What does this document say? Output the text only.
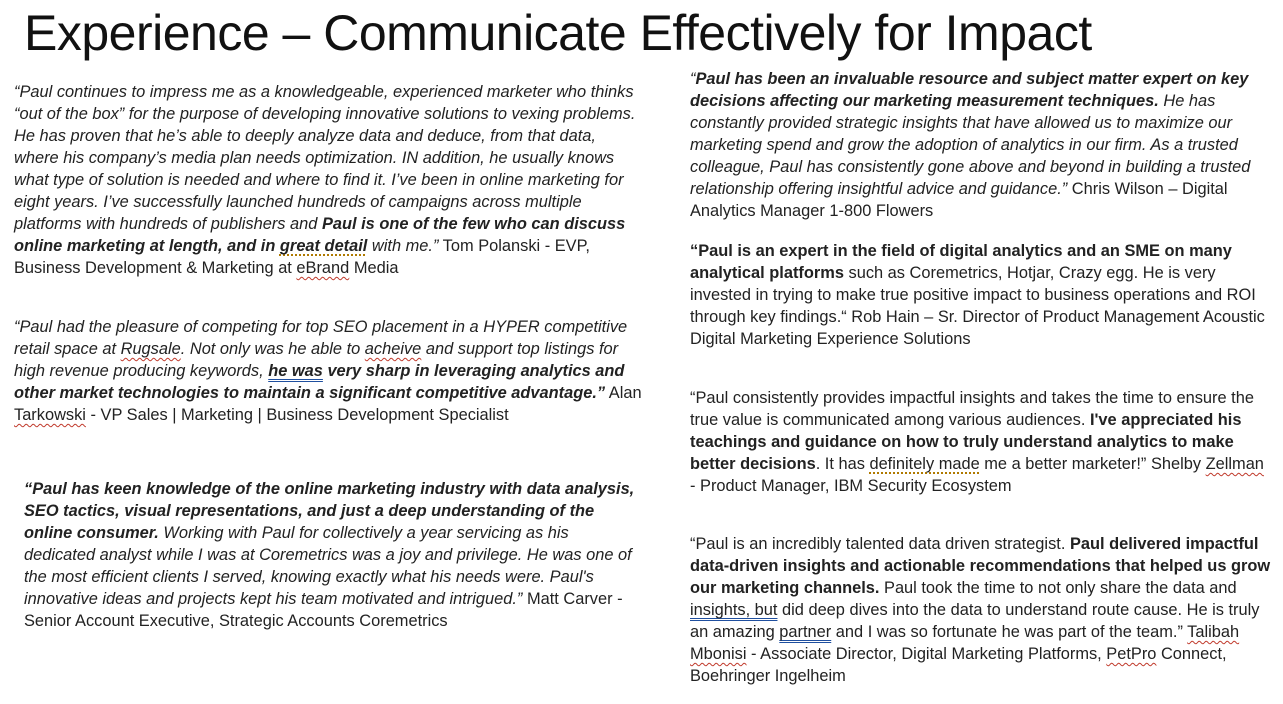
Experience – Communicate Effectively for Impact

“Paul continues to impress me as a knowledgeable, experienced marketer who thinks “out of the box” for the purpose of developing innovative solutions to vexing problems. He has proven that he’s able to deeply analyze data and deduce, from that data, where his company’s media plan needs optimization. IN addition, he usually knows what type of solution is needed and where to find it. I’ve been in online marketing for eight years. I’ve successfully launched hundreds of campaigns across multiple platforms with hundreds of publishers and Paul is one of the few who can discuss online marketing at length, and in great detail with me.” Tom Polanski - EVP, Business Development & Marketing at eBrand Media

“Paul had the pleasure of competing for top SEO placement in a HYPER competitive retail space at Rugsale. Not only was he able to acheive and support top listings for high revenue producing keywords, he was very sharp in leveraging analytics and other market technologies to maintain a significant competitive advantage.” Alan Tarkowski - VP Sales | Marketing | Business Development Specialist

“Paul has keen knowledge of the online marketing industry with data analysis, SEO tactics, visual representations, and just a deep understanding of the online consumer. Working with Paul for collectively a year servicing as his dedicated analyst while I was at Coremetrics was a joy and privilege. He was one of the most efficient clients I served, knowing exactly what his needs were. Paul's innovative ideas and projects kept his team motivated and intrigued.” Matt Carver - Senior Account Executive, Strategic Accounts Coremetrics

“Paul has been an invaluable resource and subject matter expert on key decisions affecting our marketing measurement techniques. He has constantly provided strategic insights that have allowed us to maximize our marketing spend and grow the adoption of analytics in our firm. As a trusted colleague, Paul has consistently gone above and beyond in building a trusted relationship offering insightful advice and guidance.” Chris Wilson – Digital Analytics Manager 1-800 Flowers

“Paul is an expert in the field of digital analytics and an SME on many analytical platforms such as Coremetrics, Hotjar, Crazy egg. He is very invested in trying to make true positive impact to business operations and ROI through key findings.“ Rob Hain – Sr. Director of Product Management Acoustic Digital Marketing Experience Solutions

“Paul consistently provides impactful insights and takes the time to ensure the true value is communicated among various audiences. I've appreciated his teachings and guidance on how to truly understand analytics to make better decisions. It has definitely made me a better marketer!” Shelby Zellman - Product Manager, IBM Security Ecosystem

“Paul is an incredibly talented data driven strategist. Paul delivered impactful data-driven insights and actionable recommendations that helped us grow our marketing channels. Paul took the time to not only share the data and insights, but did deep dives into the data to understand route cause. He is truly an amazing partner and I was so fortunate he was part of the team.” Talibah Mbonisi - Associate Director, Digital Marketing Platforms, PetPro Connect, Boehringer Ingelheim
